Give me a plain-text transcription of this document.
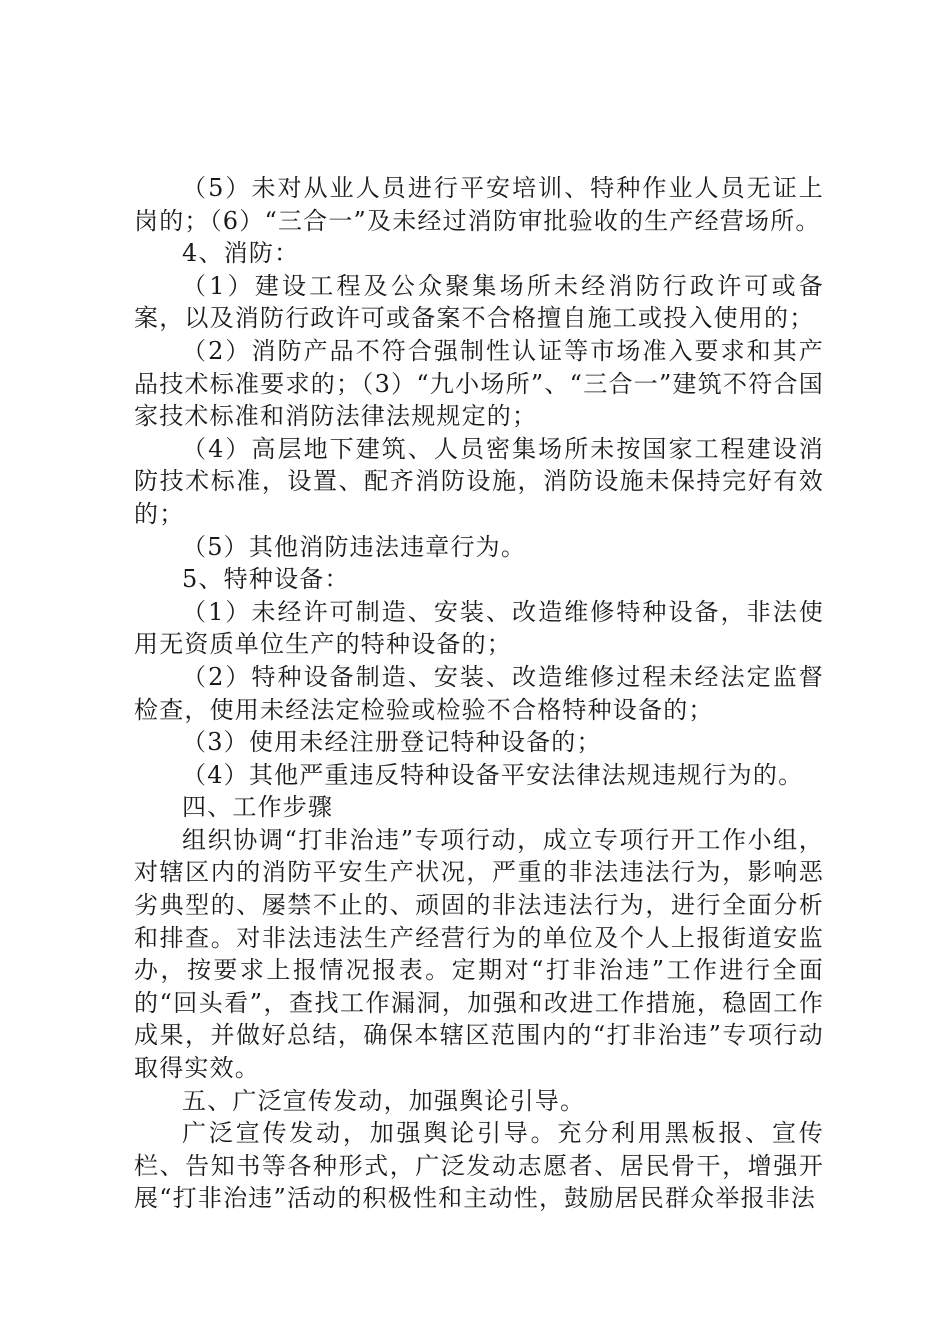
（5）未对从业人员进行平安培训、特种作业人员无证上岗的；（6）“三合一”及未经过消防审批验收的生产经营场所。

4、消防：

（1）建设工程及公众聚集场所未经消防行政许可或备案，以及消防行政许可或备案不合格擅自施工或投入使用的；

（2）消防产品不符合强制性认证等市场准入要求和其产品技术标准要求的；（3）“九小场所”、“三合一”建筑不符合国家技术标准和消防法律法规规定的；

（4）高层地下建筑、人员密集场所未按国家工程建设消防技术标准，设置、配齐消防设施，消防设施未保持完好有效的；

（5）其他消防违法违章行为。

5、特种设备：

（1）未经许可制造、安装、改造维修特种设备，非法使用无资质单位生产的特种设备的；

（2）特种设备制造、安装、改造维修过程未经法定监督检查，使用未经法定检验或检验不合格特种设备的；

（3）使用未经注册登记特种设备的；

（4）其他严重违反特种设备平安法律法规违规行为的。

四、工作步骤

组织协调“打非治违”专项行动，成立专项行开工作小组，对辖区内的消防平安生产状况，严重的非法违法行为，影响恶劣典型的、屡禁不止的、顽固的非法违法行为，进行全面分析和排查。对非法违法生产经营行为的单位及个人上报街道安监办，按要求上报情况报表。定期对“打非治违”工作进行全面的“回头看”，查找工作漏洞，加强和改进工作措施，稳固工作成果，并做好总结，确保本辖区范围内的“打非治违”专项行动取得实效。

五、广泛宣传发动，加强舆论引导。

广泛宣传发动，加强舆论引导。充分利用黑板报、宣传栏、告知书等各种形式，广泛发动志愿者、居民骨干，增强开展“打非治违”活动的积极性和主动性，鼓励居民群众举报非法
